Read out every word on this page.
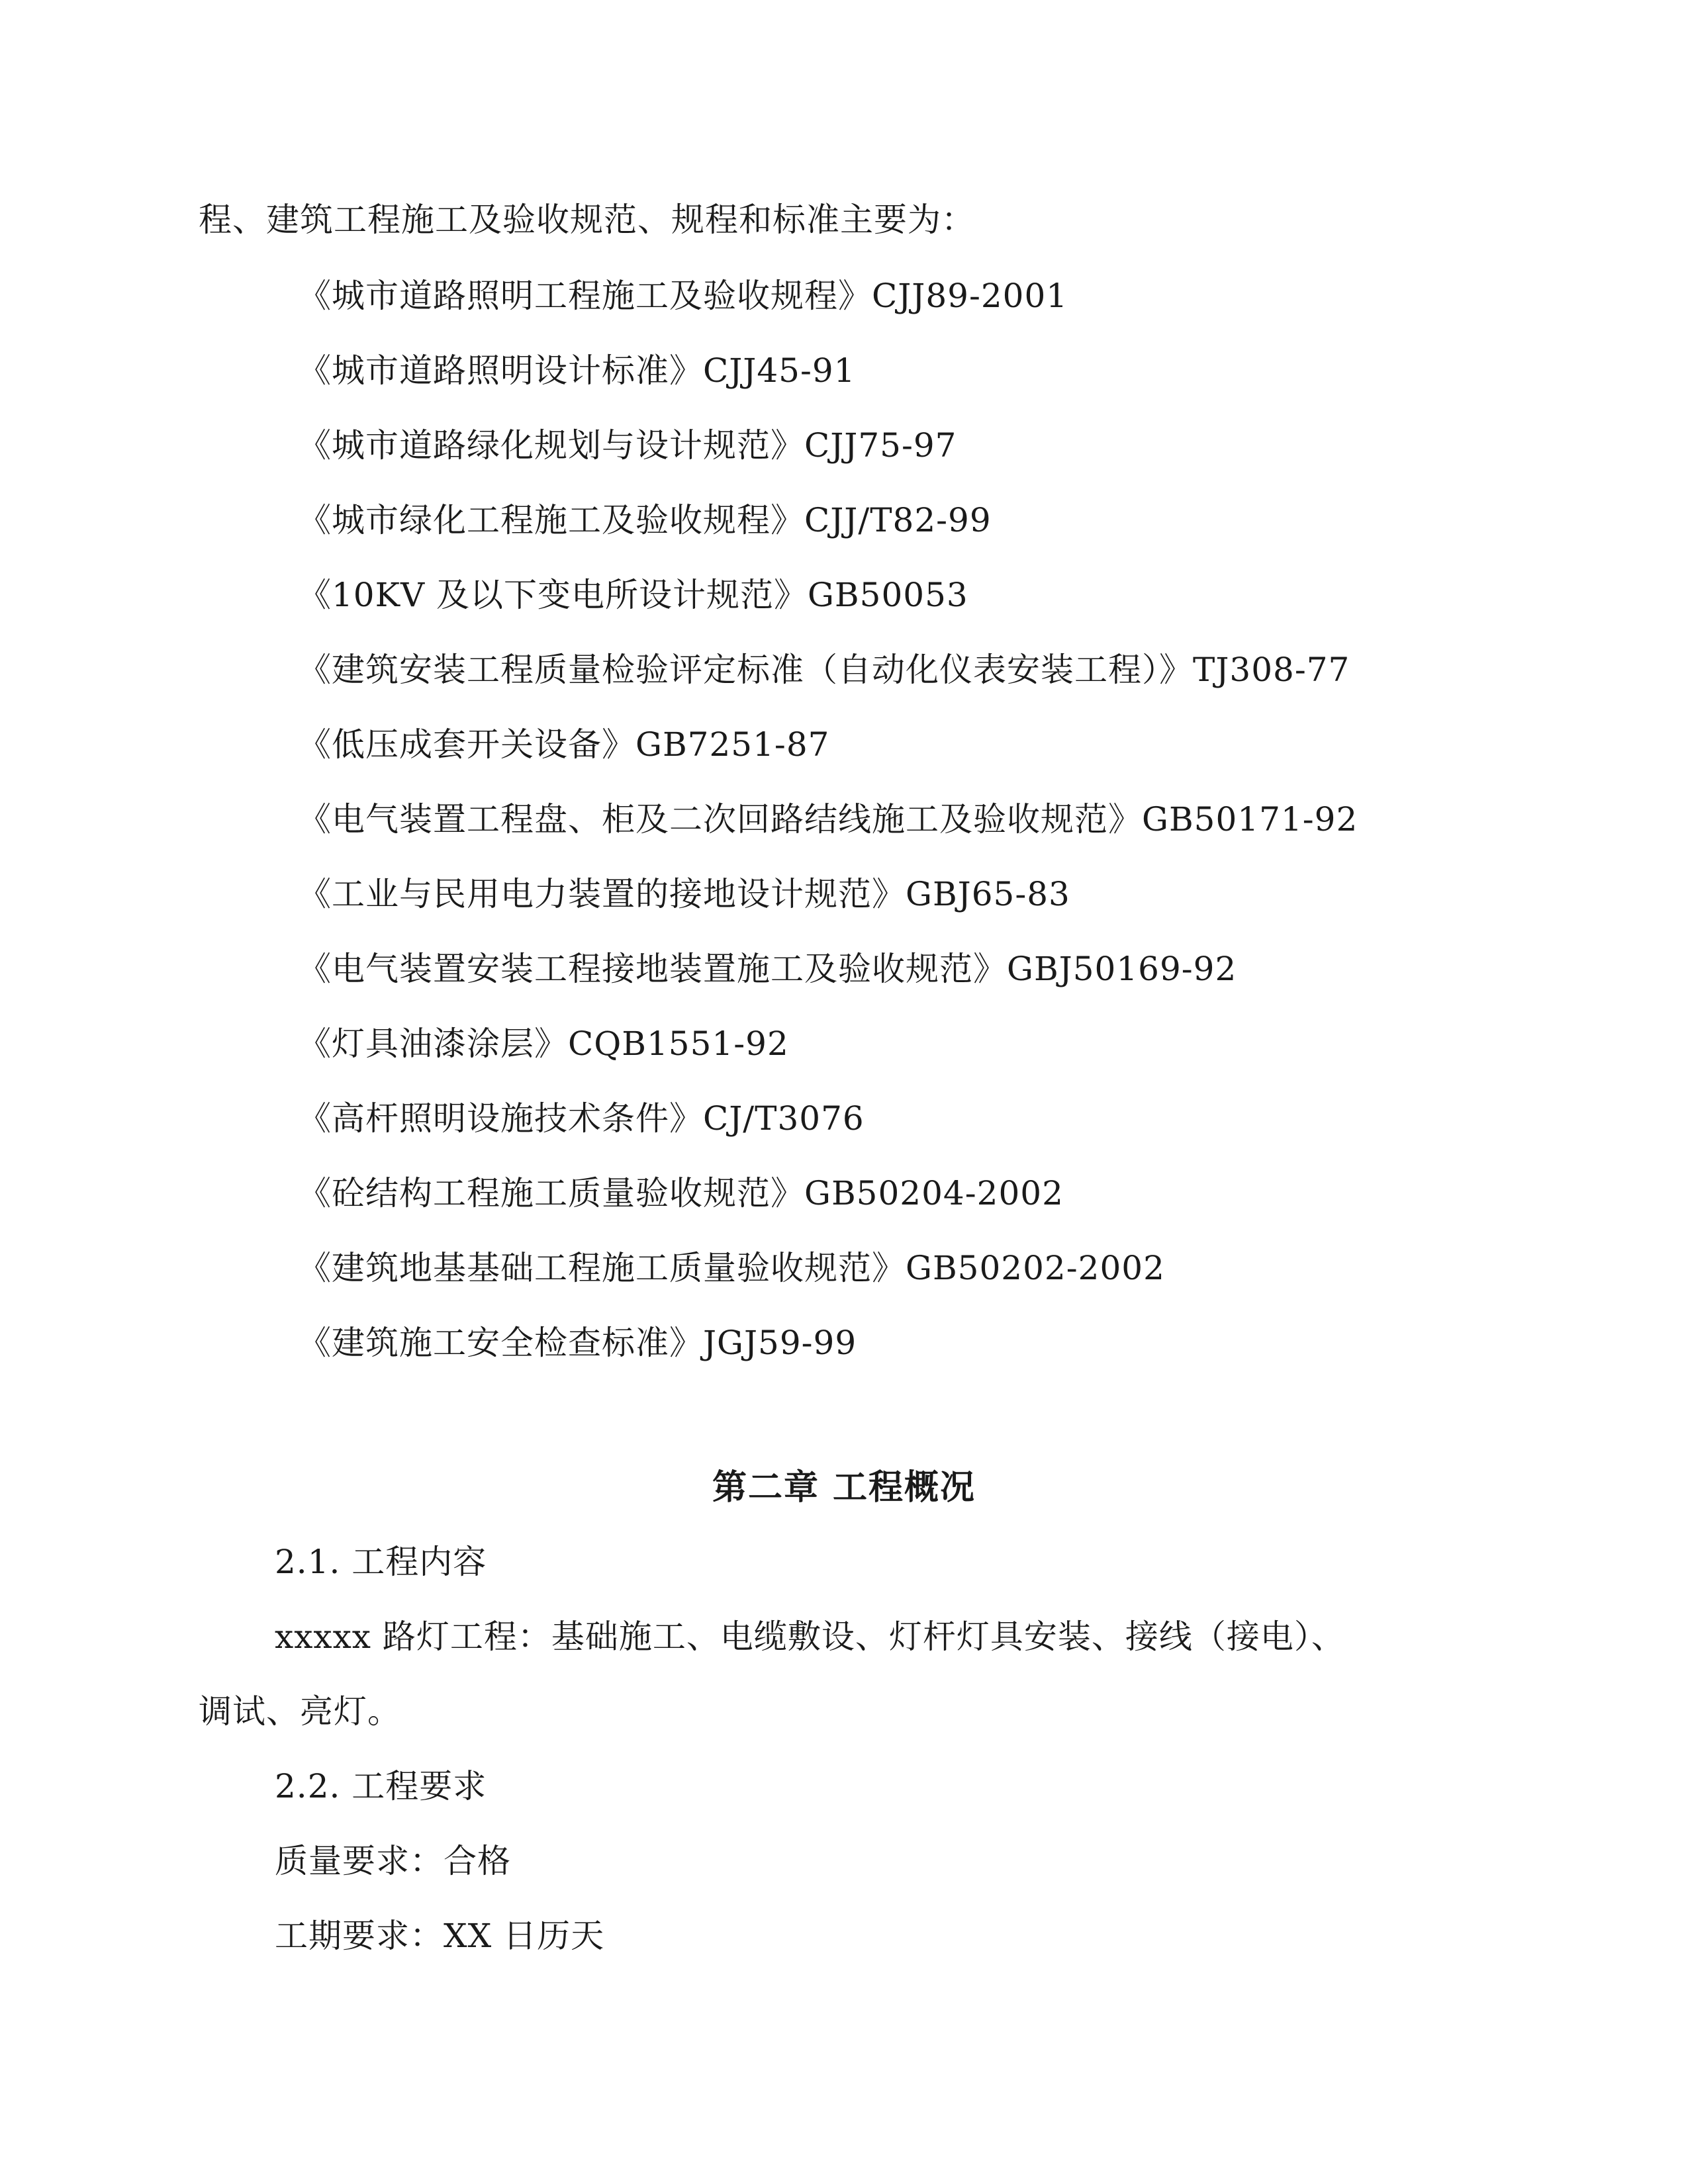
程、建筑工程施工及验收规范、规程和标准主要为：
《城市道路照明工程施工及验收规程》CJJ89-2001
《城市道路照明设计标准》CJJ45-91
《城市道路绿化规划与设计规范》CJJ75-97
《城市绿化工程施工及验收规程》CJJ/T82-99
《10KV 及以下变电所设计规范》GB50053
《建筑安装工程质量检验评定标准（自动化仪表安装工程）》TJ308-77
《低压成套开关设备》GB7251-87
《电气装置工程盘、柜及二次回路结线施工及验收规范》GB50171-92
《工业与民用电力装置的接地设计规范》GBJ65-83
《电气装置安装工程接地装置施工及验收规范》GBJ50169-92
《灯具油漆涂层》CQB1551-92
《高杆照明设施技术条件》CJ/T3076
《砼结构工程施工质量验收规范》GB50204-2002
《建筑地基基础工程施工质量验收规范》GB50202-2002
《建筑施工安全检查标准》JGJ59-99
第二章 工程概况
2.1. 工程内容
xxxxx 路灯工程：基础施工、电缆敷设、灯杆灯具安装、接线（接电）、
调试、亮灯。
2.2. 工程要求
质量要求：合格
工期要求：XX 日历天
